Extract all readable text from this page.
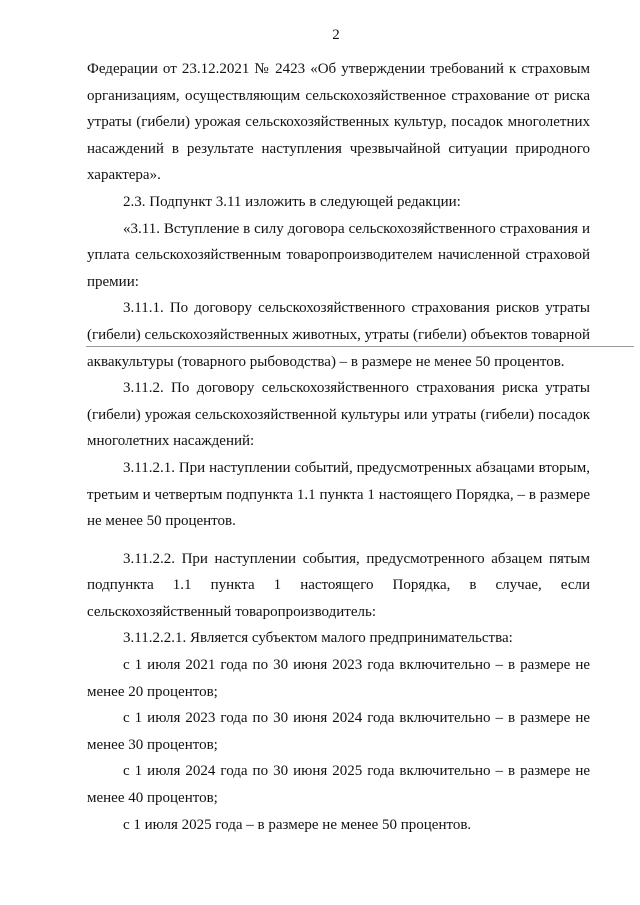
2

Федерации от 23.12.2021 № 2423 «Об утверждении требований к страховым организациям, осуществляющим сельскохозяйственное страхование от риска утраты (гибели) урожая сельскохозяйственных культур, посадок многолетних насаждений в результате наступления чрезвычайной ситуации природного характера».

2.3. Подпункт 3.11 изложить в следующей редакции:

«3.11. Вступление в силу договора сельскохозяйственного страхования и уплата сельскохозяйственным товаропроизводителем начисленной страховой премии:

3.11.1. По договору сельскохозяйственного страхования рисков утраты (гибели) сельскохозяйственных животных, утраты (гибели) объектов товарной аквакультуры (товарного рыбоводства) – в размере не менее 50 процентов.

3.11.2. По договору сельскохозяйственного страхования риска утраты (гибели) урожая сельскохозяйственной культуры или утраты (гибели) посадок многолетних насаждений:

3.11.2.1. При наступлении событий, предусмотренных абзацами вторым, третьим и четвертым подпункта 1.1 пункта 1 настоящего Порядка, – в размере не менее 50 процентов.

3.11.2.2. При наступлении события, предусмотренного абзацем пятым подпункта 1.1 пункта 1 настоящего Порядка, в случае, если сельскохозяйственный товаропроизводитель:

3.11.2.2.1. Является субъектом малого предпринимательства:

с 1 июля 2021 года по 30 июня 2023 года включительно – в размере не менее 20 процентов;

с 1 июля 2023 года по 30 июня 2024 года включительно – в размере не менее 30 процентов;

с 1 июля 2024 года по 30 июня 2025 года включительно – в размере не менее 40 процентов;

с 1 июля 2025 года – в размере не менее 50 процентов.
